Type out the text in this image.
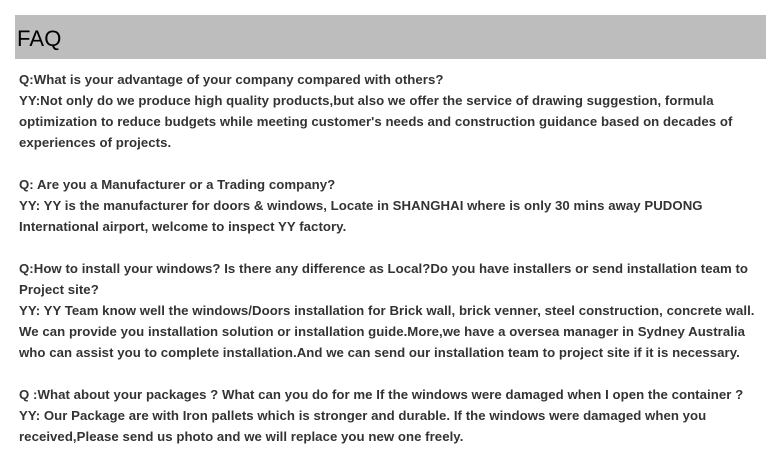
FAQ

Q:What is your advantage of your company compared with others?

YY:Not only do we produce high quality products,but also we offer the service of drawing suggestion, formula optimization to reduce budgets while meeting customer's needs and construction guidance based on decades of experiences of projects.

Q: Are you a Manufacturer or a Trading company?

YY: YY is the manufacturer for doors & windows, Locate in SHANGHAI where is only 30 mins away PUDONG International airport, welcome to inspect YY factory.

Q:How to install your windows? Is there any difference as Local?Do you have installers or send installation team to Project site?

YY: YY Team know well the windows/Doors installation for Brick wall, brick venner, steel construction, concrete wall. We can provide you installation solution or installation guide.More,we have a oversea manager in Sydney Australia who can assist you to complete installation.And we can send our installation team to project site if it is necessary.

Q :What about your packages ? What can you do for me If the windows were damaged when I open the container ?

YY: Our Package are with Iron pallets which is stronger and durable. If the windows were damaged when you received,Please send us photo and we will replace you new one freely.
